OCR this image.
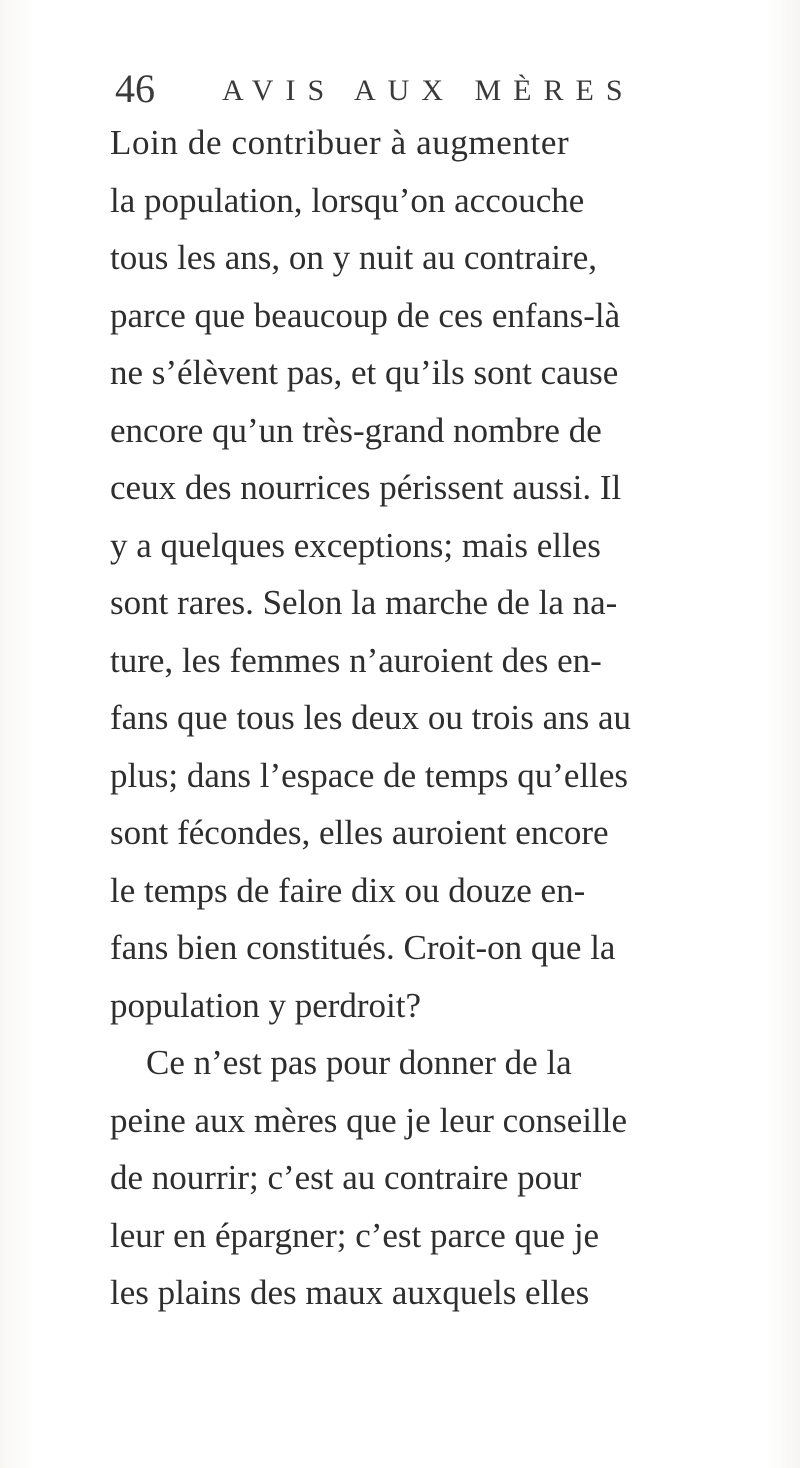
46 AVIS AUX MÈRES
Loin de contribuer à augmenter
la population, lorsqu’on accouche
tous les ans, on y nuit au contraire,
parce que beaucoup de ces enfans-là
ne s’élèvent pas, et qu’ils sont cause
encore qu’un très-grand nombre de
ceux des nourrices périssent aussi. Il
y a quelques exceptions; mais elles
sont rares. Selon la marche de la na-
ture, les femmes n’auroient des en-
fans que tous les deux ou trois ans au
plus; dans l’espace de temps qu’elles
sont fécondes, elles auroient encore
le temps de faire dix ou douze en-
fans bien constitués. Croit-on que la
population y perdroit?
Ce n’est pas pour donner de la
peine aux mères que je leur conseille
de nourrir; c’est au contraire pour
leur en épargner; c’est parce que je
les plains des maux auxquels elles
